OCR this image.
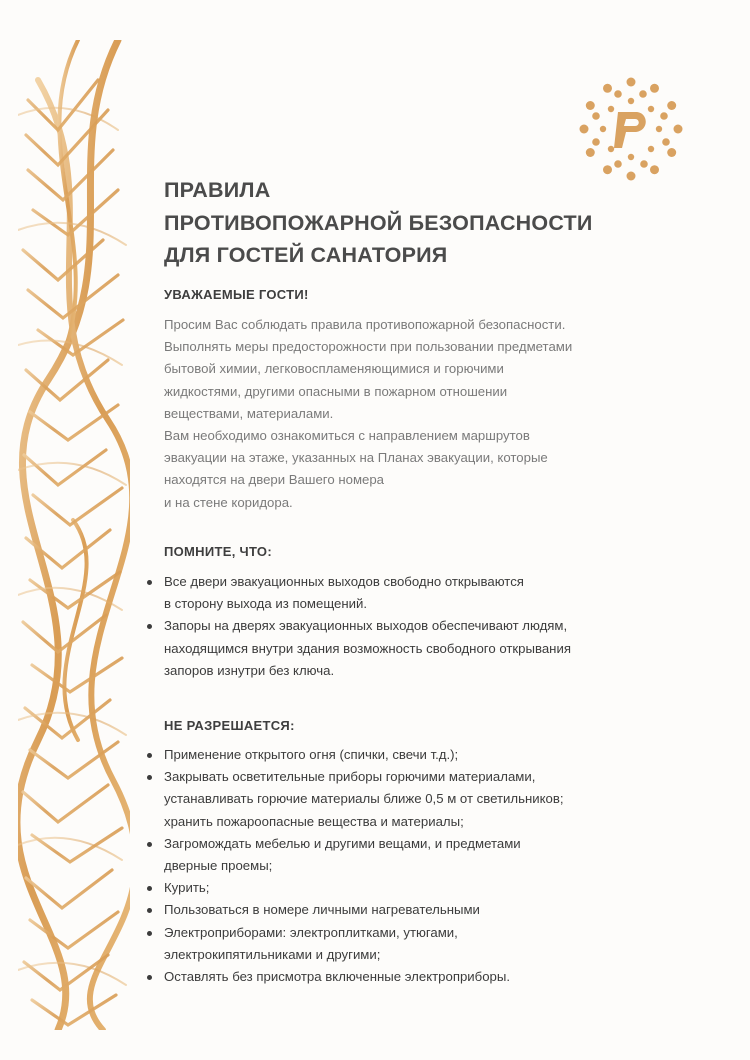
ПРАВИЛА
ПРОТИВОПОЖАРНОЙ БЕЗОПАСНОСТИ
ДЛЯ ГОСТЕЙ САНАТОРИЯ
УВАЖАЕМЫЕ ГОСТИ!
Просим Вас соблюдать правила противопожарной безопасности.
Выполнять меры предосторожности при пользовании предметами
бытовой химии, легковоспламеняющимися и горючими
жидкостями, другими опасными в пожарном отношении
веществами, материалами.
Вам необходимо ознакомиться с направлением маршрутов
эвакуации на этаже, указанных на Планах эвакуации, которые
находятся на двери Вашего номера
и на стене коридора.
ПОМНИТЕ, ЧТО:
Все двери эвакуационных выходов свободно открываются
в сторону выхода из помещений.
Запоры на дверях эвакуационных выходов обеспечивают людям,
находящимся внутри здания возможность свободного открывания
запоров изнутри без ключа.
НЕ РАЗРЕШАЕТСЯ:
Применение открытого огня (спички, свечи т.д.);
Закрывать осветительные приборы горючими материалами,
устанавливать горючие материалы ближе 0,5 м от светильников;
хранить пожароопасные вещества и материалы;
Загромождать мебелью и другими вещами, и предметами
дверные проемы;
Курить;
Пользоваться в номере личными нагревательными
Электроприборами: электроплитками, утюгами,
электрокипятильниками и другими;
Оставлять без присмотра включенные электроприборы.
